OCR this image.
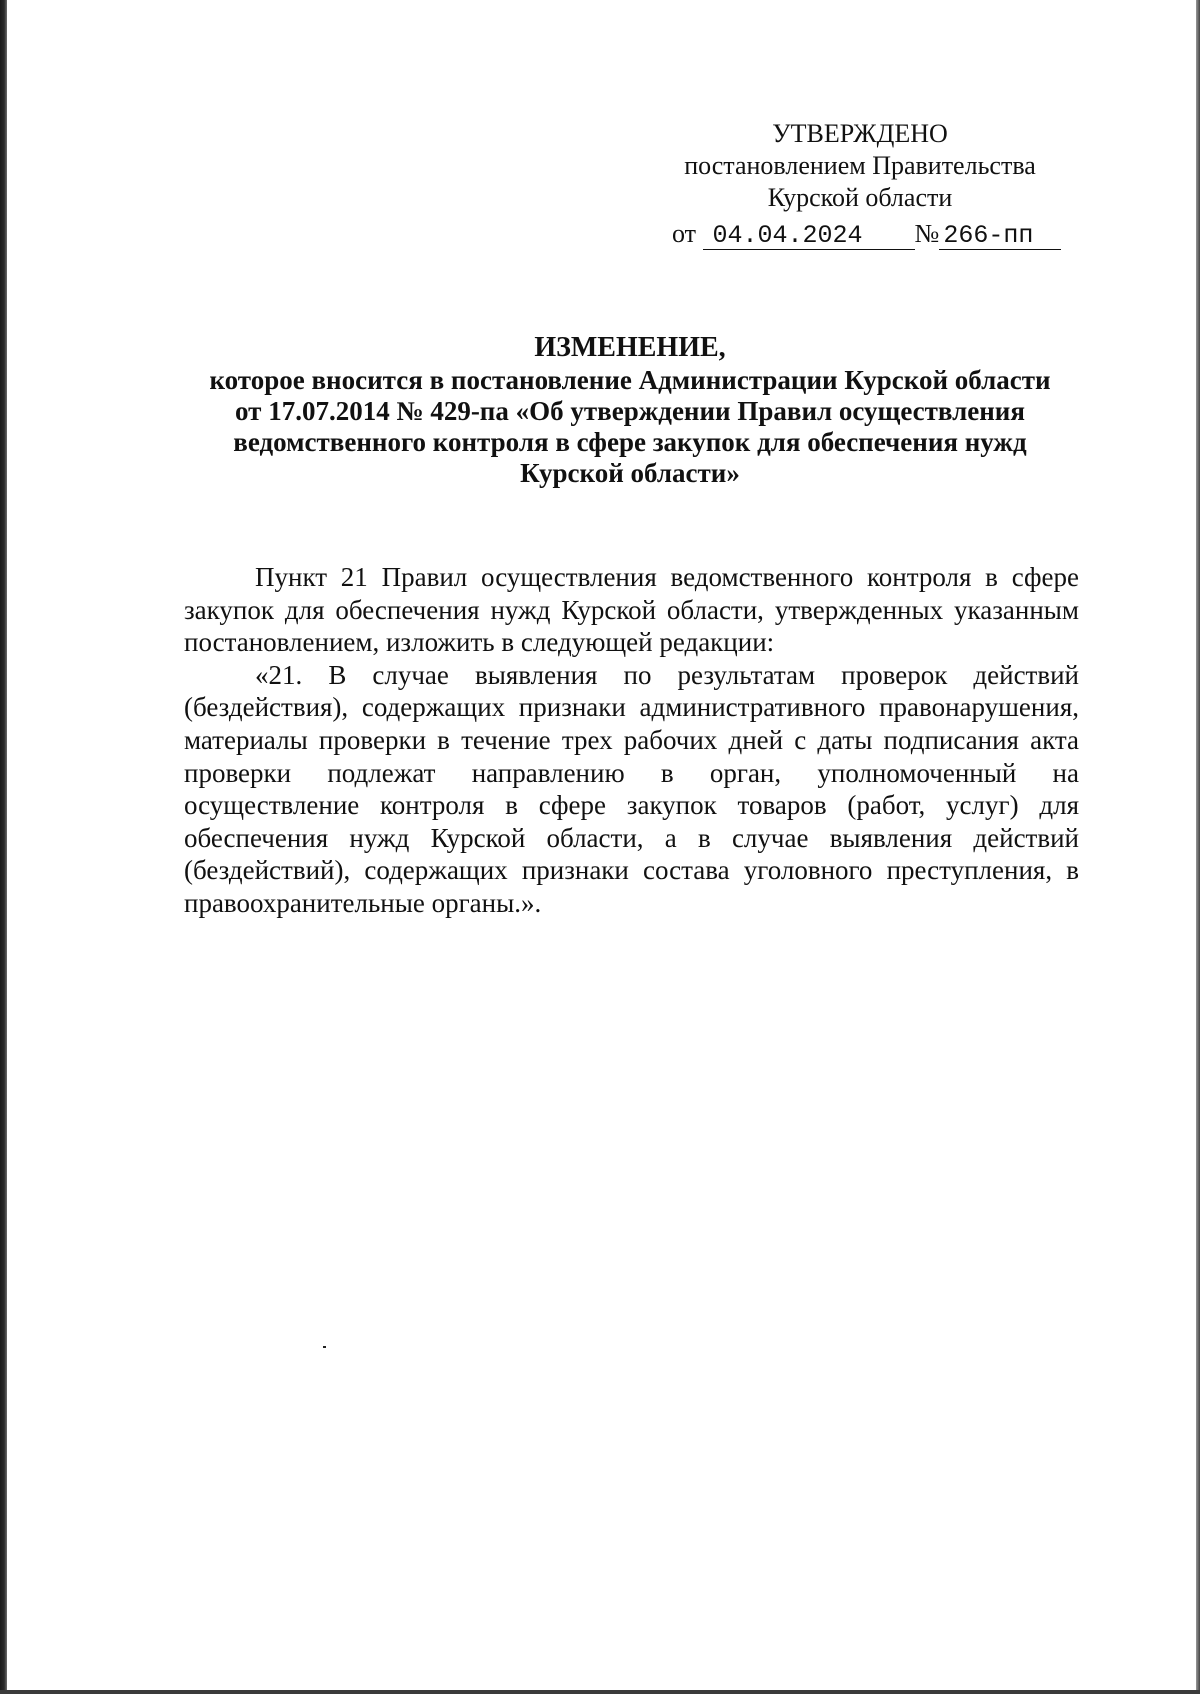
УТВЕРЖДЕНО
постановлением Правительства
Курской области
от 04.04.2024 № 266-пп
ИЗМЕНЕНИЕ,
которое вносится в постановление Администрации Курской области
от 17.07.2014 № 429-па «Об утверждении Правил осуществления
ведомственного контроля в сфере закупок для обеспечения нужд
Курской области»

Пункт 21 Правил осуществления ведомственного контроля в сфере закупок для обеспечения нужд Курской области, утвержденных указанным постановлением, изложить в следующей редакции:

«21. В случае выявления по результатам проверок действий (бездействия), содержащих признаки административного правонарушения, материалы проверки в течение трех рабочих дней с даты подписания акта проверки подлежат направлению в орган, уполномоченный на осуществление контроля в сфере закупок товаров (работ, услуг) для обеспечения нужд Курской области, а в случае выявления действий (бездействий), содержащих признаки состава уголовного преступления, в правоохранительные органы.».
